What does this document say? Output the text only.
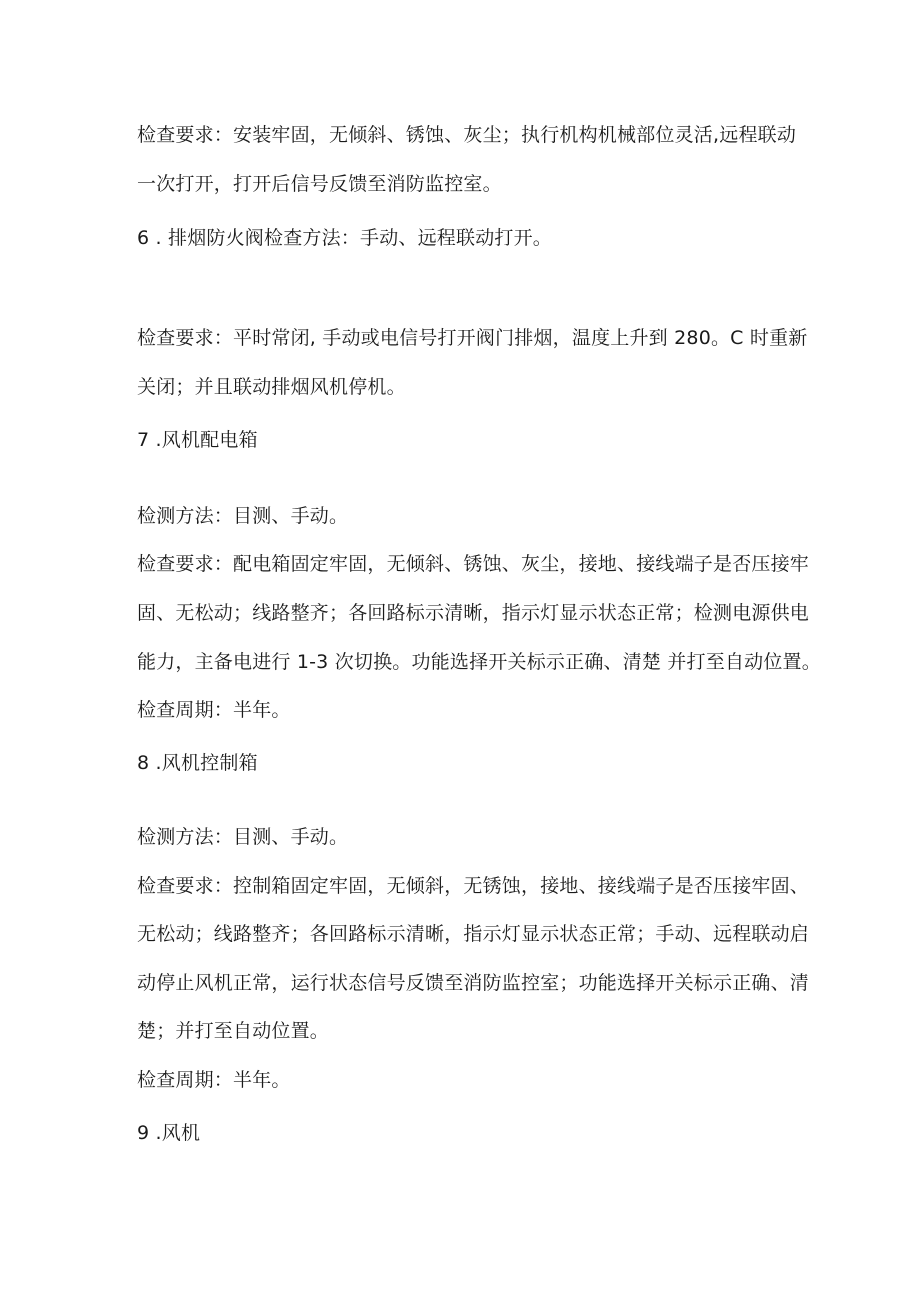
检查要求：安装牢固，无倾斜、锈蚀、灰尘；执行机构机械部位灵活,远程联动
一次打开，打开后信号反馈至消防监控室。
6 . 排烟防火阀检查方法：手动、远程联动打开。
检查要求：平时常闭, 手动或电信号打开阀门排烟，温度上升到 280。C 时重新
关闭；并且联动排烟风机停机。
7 .风机配电箱
检测方法：目测、手动。
检查要求：配电箱固定牢固，无倾斜、锈蚀、灰尘，接地、接线端子是否压接牢
固、无松动；线路整齐；各回路标示清晰，指示灯显示状态正常；检测电源供电
能力，主备电进行 1-3 次切换。功能选择开关标示正确、清楚 并打至自动位置。
检查周期：半年。
8 .风机控制箱
检测方法：目测、手动。
检查要求：控制箱固定牢固，无倾斜，无锈蚀，接地、接线端子是否压接牢固、
无松动；线路整齐；各回路标示清晰，指示灯显示状态正常；手动、远程联动启
动停止风机正常，运行状态信号反馈至消防监控室；功能选择开关标示正确、清
楚；并打至自动位置。
检查周期：半年。
9 .风机
